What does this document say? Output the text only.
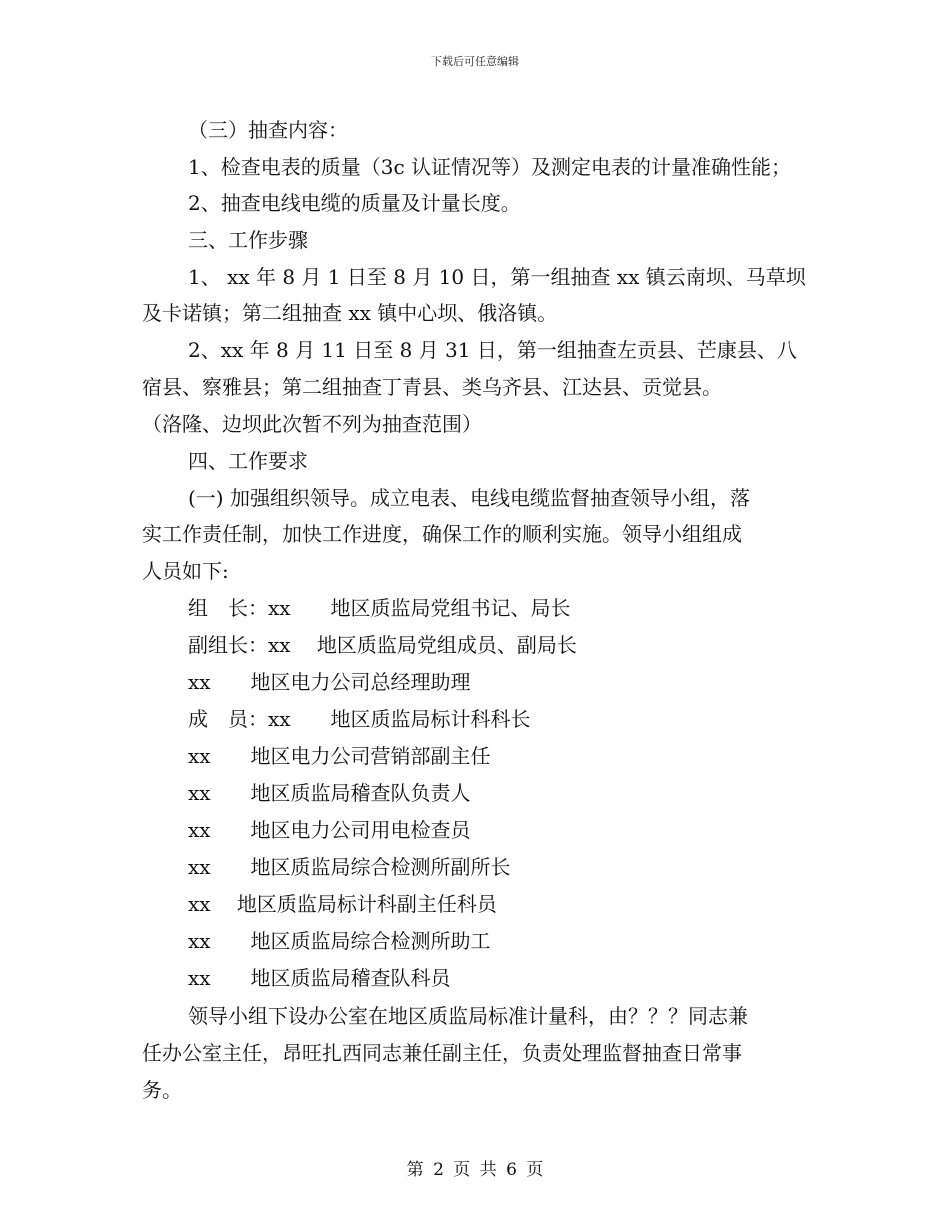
下载后可任意编辑
（三）抽查内容：
1、检查电表的质量（3c 认证情况等）及测定电表的计量准确性能；
2、抽查电线电缆的质量及计量长度。
三、工作步骤
1、 xx 年 8 月 1 日至 8 月 10 日，第一组抽查 xx 镇云南坝、马草坝
及卡诺镇；第二组抽查 xx 镇中心坝、俄洛镇。
2、xx 年 8 月 11 日至 8 月 31 日，第一组抽查左贡县、芒康县、八
宿县、察雅县；第二组抽查丁青县、类乌齐县、江达县、贡觉县。
（洛隆、边坝此次暂不列为抽查范围）
四、工作要求
(一) 加强组织领导。成立电表、电线电缆监督抽查领导小组，落
实工作责任制，加快工作进度，确保工作的顺利实施。领导小组组成
人员如下:
组　长：xx　　地区质监局党组书记、局长
副组长：xx　 地区质监局党组成员、副局长
xx　　地区电力公司总经理助理
成　员：xx　　地区质监局标计科科长
xx　　地区电力公司营销部副主任
xx　　地区质监局稽查队负责人
xx　　地区电力公司用电检查员
xx　　地区质监局综合检测所副所长
xx　 地区质监局标计科副主任科员
xx　　地区质监局综合检测所助工
xx　　地区质监局稽查队科员
领导小组下设办公室在地区质监局标准计量科，由？？？同志兼
任办公室主任，昂旺扎西同志兼任副主任，负责处理监督抽查日常事
务。
第 2 页 共 6 页
